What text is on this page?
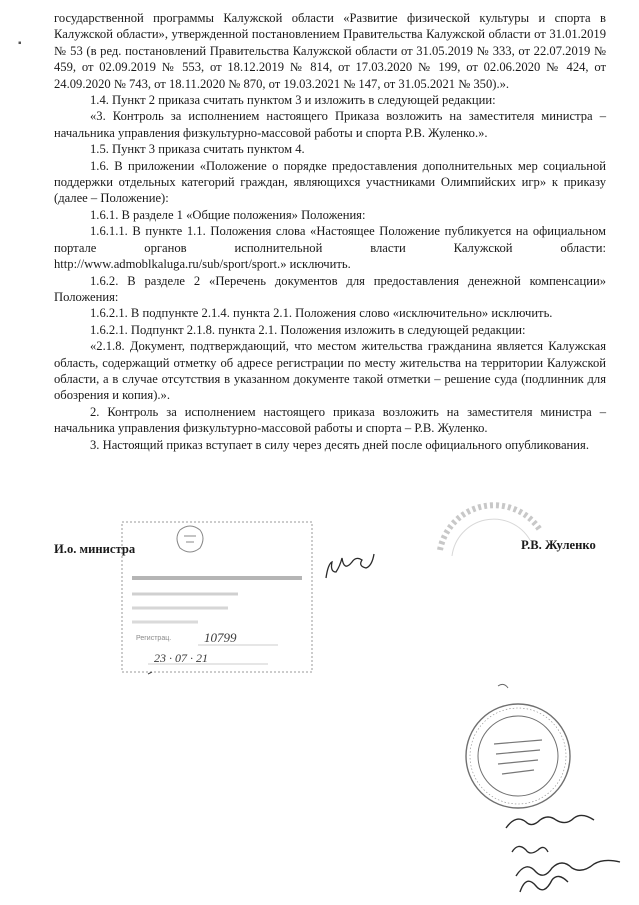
▪

государственной программы Калужской области «Развитие физической культуры и спорта в Калужской области», утвержденной постановлением Правительства Калужской области от 31.01.2019 № 53 (в ред. постановлений Правительства Калужской области от 31.05.2019 № 333, от 22.07.2019 № 459, от 02.09.2019 № 553, от 18.12.2019 № 814, от 17.03.2020 № 199, от 02.06.2020 № 424, от 24.09.2020 № 743, от 18.11.2020 № 870, от 19.03.2021 № 147, от 31.05.2021 № 350).».

1.4. Пункт 2 приказа считать пунктом 3 и изложить в следующей редакции:

«3. Контроль за исполнением настоящего Приказа возложить на заместителя министра – начальника управления физкультурно-массовой работы и спорта Р.В. Жуленко.».

1.5. Пункт 3 приказа считать пунктом 4.

1.6. В приложении «Положение о порядке предоставления дополнительных мер социальной поддержки отдельных категорий граждан, являющихся участниками Олимпийских игр» к приказу (далее – Положение):

1.6.1. В разделе 1 «Общие положения» Положения:

1.6.1.1. В пункте 1.1. Положения слова «Настоящее Положение публикуется на официальном портале органов исполнительной власти Калужской области: http://www.admoblkaluga.ru/sub/sport/sport.» исключить.

1.6.2. В разделе 2 «Перечень документов для предоставления денежной компенсации» Положения:

1.6.2.1. В подпункте 2.1.4. пункта 2.1. Положения слово «исключительно» исключить.

1.6.2.1. Подпункт 2.1.8. пункта 2.1. Положения изложить в следующей редакции:

«2.1.8. Документ, подтверждающий, что местом жительства гражданина является Калужская область, содержащий отметку об адресе регистрации по месту жительства на территории Калужской области, а в случае отсутствия в указанном документе такой отметки – решение суда (подлинник для обозрения и копия).».

2. Контроль за исполнением настоящего приказа возложить на заместителя министра – начальника управления физкультурно-массовой работы и спорта – Р.В. Жуленко.

3. Настоящий приказ вступает в силу через десять дней после официального опубликования.

Регистрац.	10799
23 · 07 · 21
И.о. министра	Р.В. Жуленко
